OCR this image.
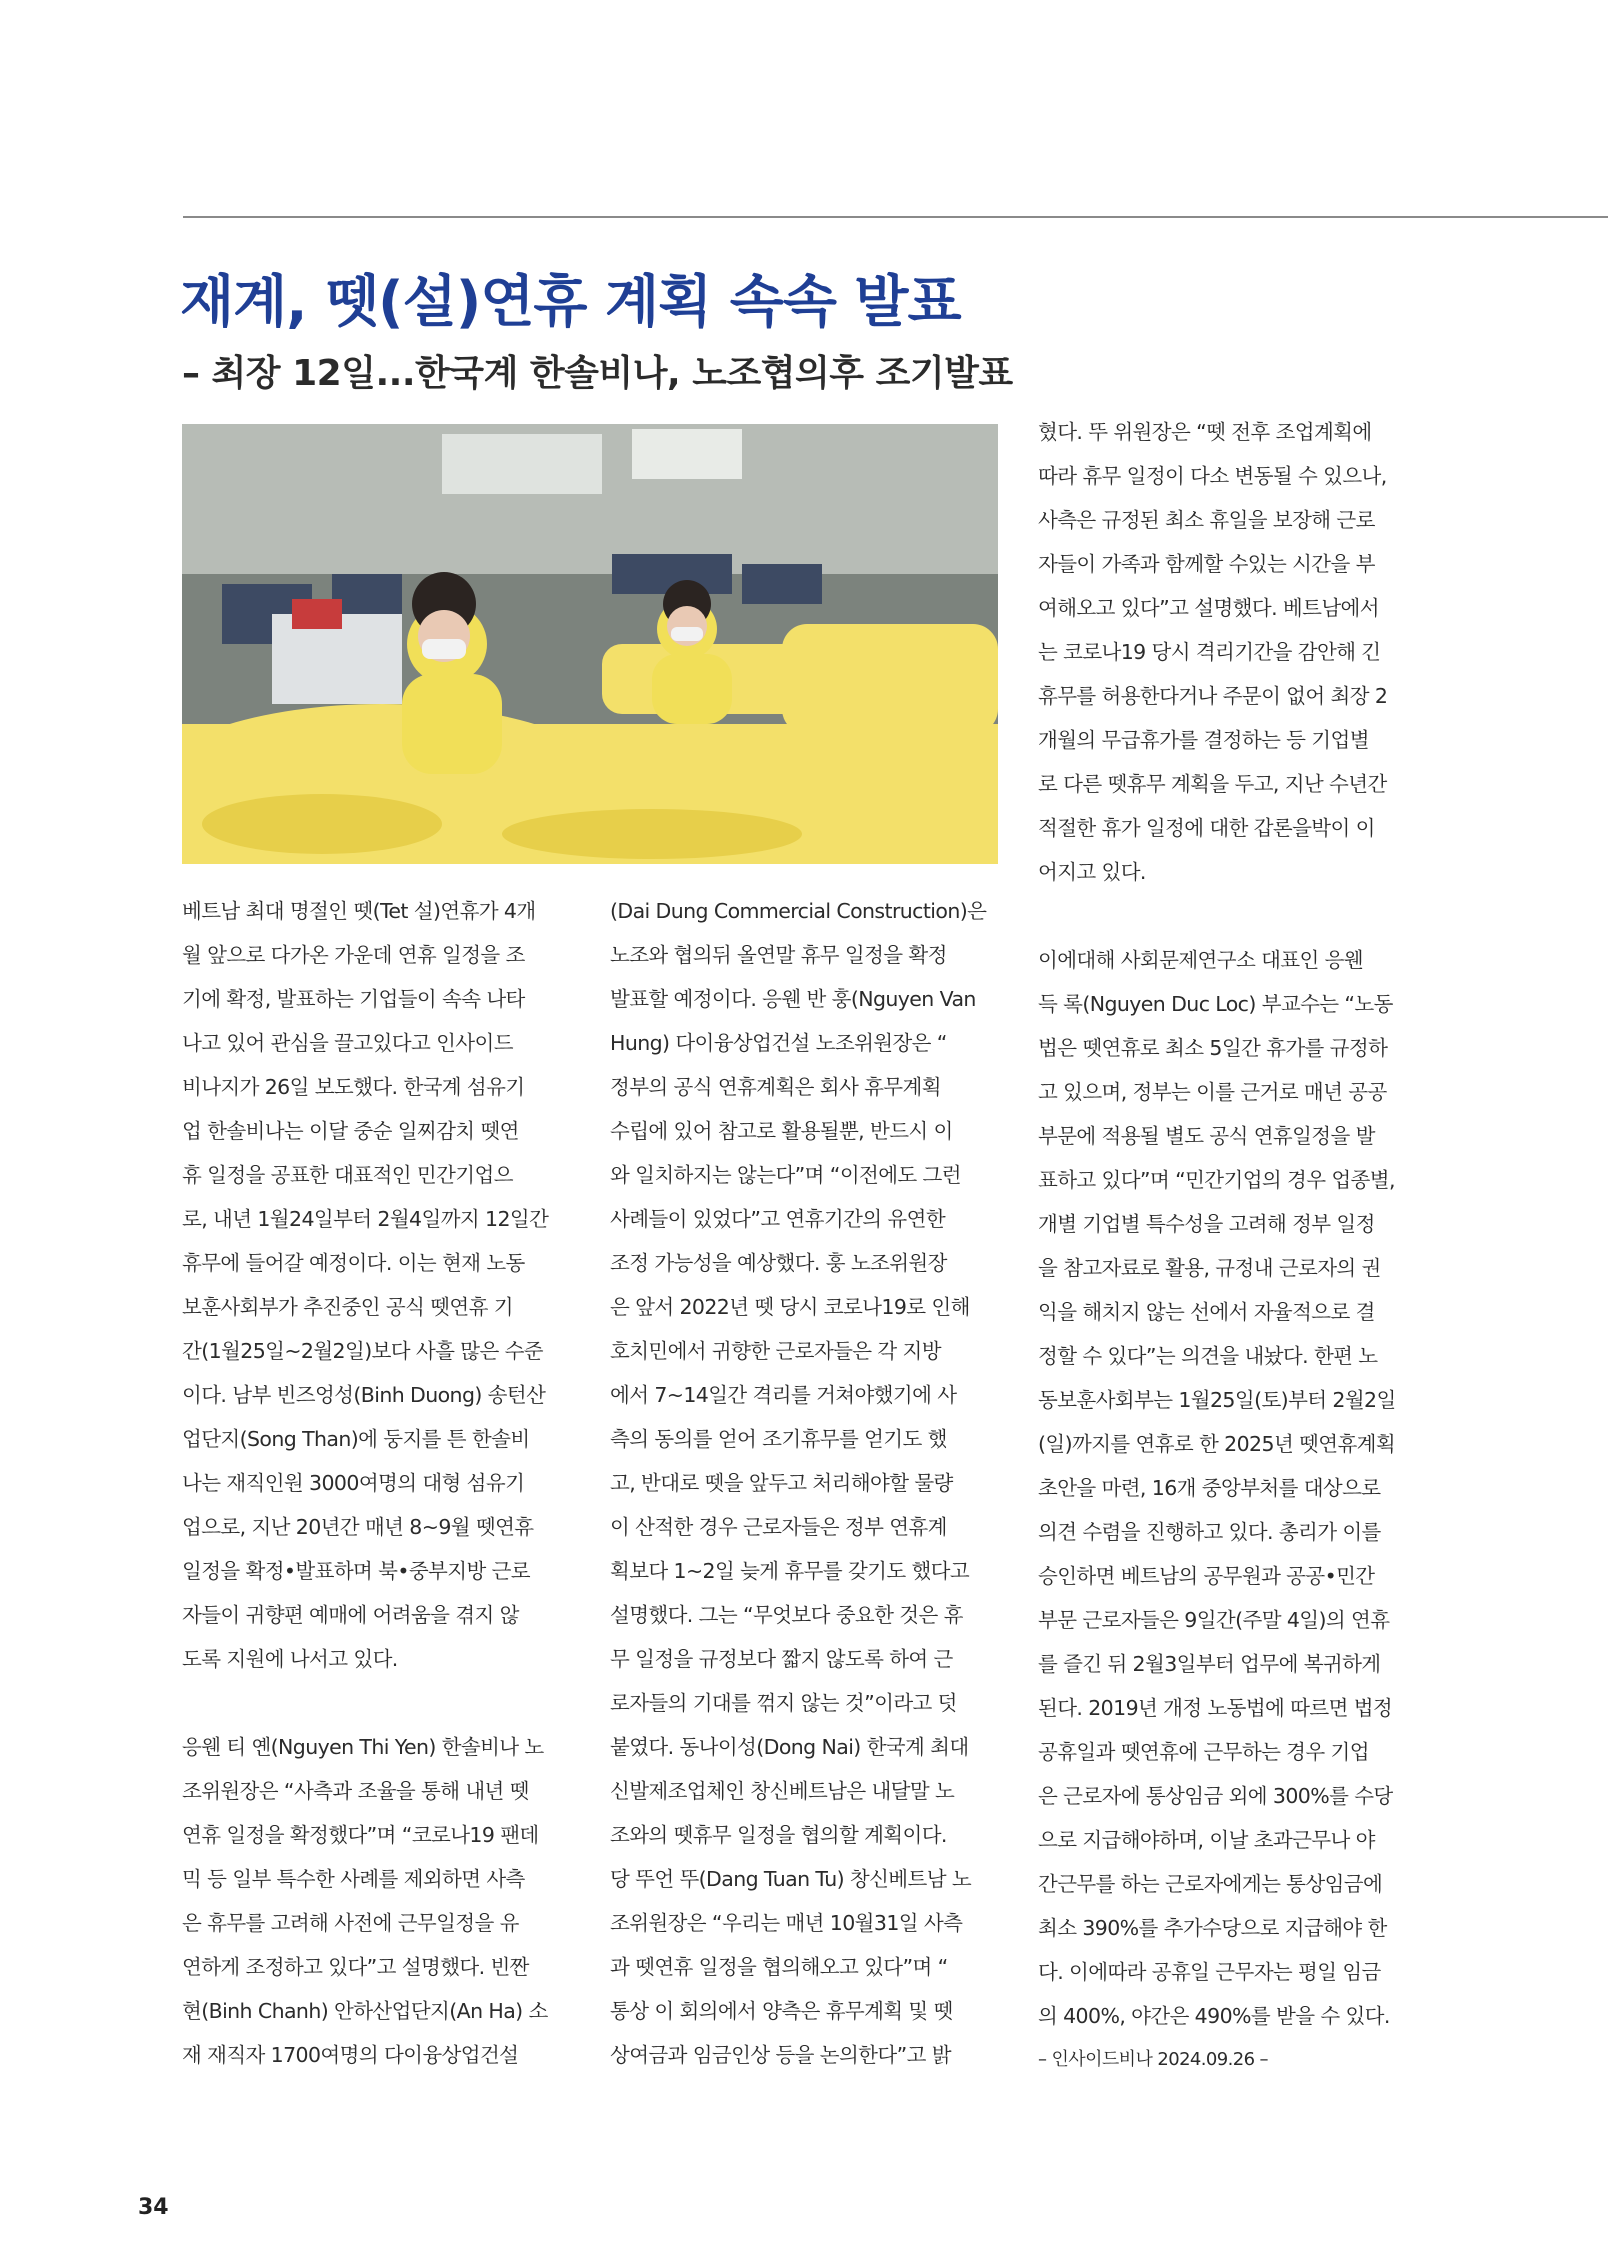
재계, 뗏(설)연휴 계획 속속 발표
– 최장 12일...한국계 한솔비나, 노조협의후 조기발표

베트남 최대 명절인 뗏(Tet 설)연휴가 4개
월 앞으로 다가온 가운데 연휴 일정을 조
기에 확정, 발표하는 기업들이 속속 나타
나고 있어 관심을 끌고있다고 인사이드
비나지가 26일 보도했다. 한국계 섬유기
업 한솔비나는 이달 중순 일찌감치 뗏연
휴 일정을 공표한 대표적인 민간기업으
로, 내년 1월24일부터 2월4일까지 12일간
휴무에 들어갈 예정이다. 이는 현재 노동
보훈사회부가 추진중인 공식 뗏연휴 기
간(1월25일~2월2일)보다 사흘 많은 수준
이다. 남부 빈즈엉성(Binh Duong) 송턴산
업단지(Song Than)에 둥지를 튼 한솔비
나는 재직인원 3000여명의 대형 섬유기
업으로, 지난 20년간 매년 8~9월 뗏연휴
일정을 확정•발표하며 북•중부지방 근로
자들이 귀향편 예매에 어려움을 겪지 않
도록 지원에 나서고 있다.

응웬 티 옌(Nguyen Thi Yen) 한솔비나 노
조위원장은 “사측과 조율을 통해 내년 뗏
연휴 일정을 확정했다”며 “코로나19 팬데
믹 등 일부 특수한 사례를 제외하면 사측
은 휴무를 고려해 사전에 근무일정을 유
연하게 조정하고 있다”고 설명했다. 빈짠
현(Binh Chanh) 안하산업단지(An Ha) 소
재 재직자 1700여명의 다이융상업건설

(Dai Dung Commercial Construction)은
노조와 협의뒤 올연말 휴무 일정을 확정
발표할 예정이다. 응웬 반 훙(Nguyen Van
Hung) 다이융상업건설 노조위원장은 “
정부의 공식 연휴계획은 회사 휴무계획
수립에 있어 참고로 활용될뿐, 반드시 이
와 일치하지는 않는다”며 “이전에도 그런
사례들이 있었다”고 연휴기간의 유연한
조정 가능성을 예상했다. 훙 노조위원장
은 앞서 2022년 뗏 당시 코로나19로 인해
호치민에서 귀향한 근로자들은 각 지방
에서 7~14일간 격리를 거쳐야했기에 사
측의 동의를 얻어 조기휴무를 얻기도 했
고, 반대로 뗏을 앞두고 처리해야할 물량
이 산적한 경우 근로자들은 정부 연휴계
획보다 1~2일 늦게 휴무를 갖기도 했다고
설명했다. 그는 “무엇보다 중요한 것은 휴
무 일정을 규정보다 짧지 않도록 하여 근
로자들의 기대를 꺾지 않는 것”이라고 덧
붙였다. 동나이성(Dong Nai) 한국계 최대
신발제조업체인 창신베트남은 내달말 노
조와의 뗏휴무 일정을 협의할 계획이다.
당 뚜언 뚜(Dang Tuan Tu) 창신베트남 노
조위원장은 “우리는 매년 10월31일 사측
과 뗏연휴 일정을 협의해오고 있다”며 “
통상 이 회의에서 양측은 휴무계획 및 뗏
상여금과 임금인상 등을 논의한다”고 밝

혔다. 뚜 위원장은 “뗏 전후 조업계획에
따라 휴무 일정이 다소 변동될 수 있으나,
사측은 규정된 최소 휴일을 보장해 근로
자들이 가족과 함께할 수있는 시간을 부
여해오고 있다”고 설명했다. 베트남에서
는 코로나19 당시 격리기간을 감안해 긴
휴무를 허용한다거나 주문이 없어 최장 2
개월의 무급휴가를 결정하는 등 기업별
로 다른 뗏휴무 계획을 두고, 지난 수년간
적절한 휴가 일정에 대한 갑론을박이 이
어지고 있다.

이에대해 사회문제연구소 대표인 응웬
득 록(Nguyen Duc Loc) 부교수는 “노동
법은 뗏연휴로 최소 5일간 휴가를 규정하
고 있으며, 정부는 이를 근거로 매년 공공
부문에 적용될 별도 공식 연휴일정을 발
표하고 있다”며 “민간기업의 경우 업종별,
개별 기업별 특수성을 고려해 정부 일정
을 참고자료로 활용, 규정내 근로자의 권
익을 해치지 않는 선에서 자율적으로 결
정할 수 있다”는 의견을 내놨다. 한편 노
동보훈사회부는 1월25일(토)부터 2월2일
(일)까지를 연휴로 한 2025년 뗏연휴계획
초안을 마련, 16개 중앙부처를 대상으로
의견 수렴을 진행하고 있다. 총리가 이를
승인하면 베트남의 공무원과 공공•민간
부문 근로자들은 9일간(주말 4일)의 연휴
를 즐긴 뒤 2월3일부터 업무에 복귀하게
된다. 2019년 개정 노동법에 따르면 법정
공휴일과 뗏연휴에 근무하는 경우 기업
은 근로자에 통상임금 외에 300%를 수당
으로 지급해야하며, 이날 초과근무나 야
간근무를 하는 근로자에게는 통상임금에
최소 390%를 추가수당으로 지급해야 한
다. 이에따라 공휴일 근무자는 평일 임금
의 400%, 야간은 490%를 받을 수 있다.

– 인사이드비나 2024.09.26 –
34
